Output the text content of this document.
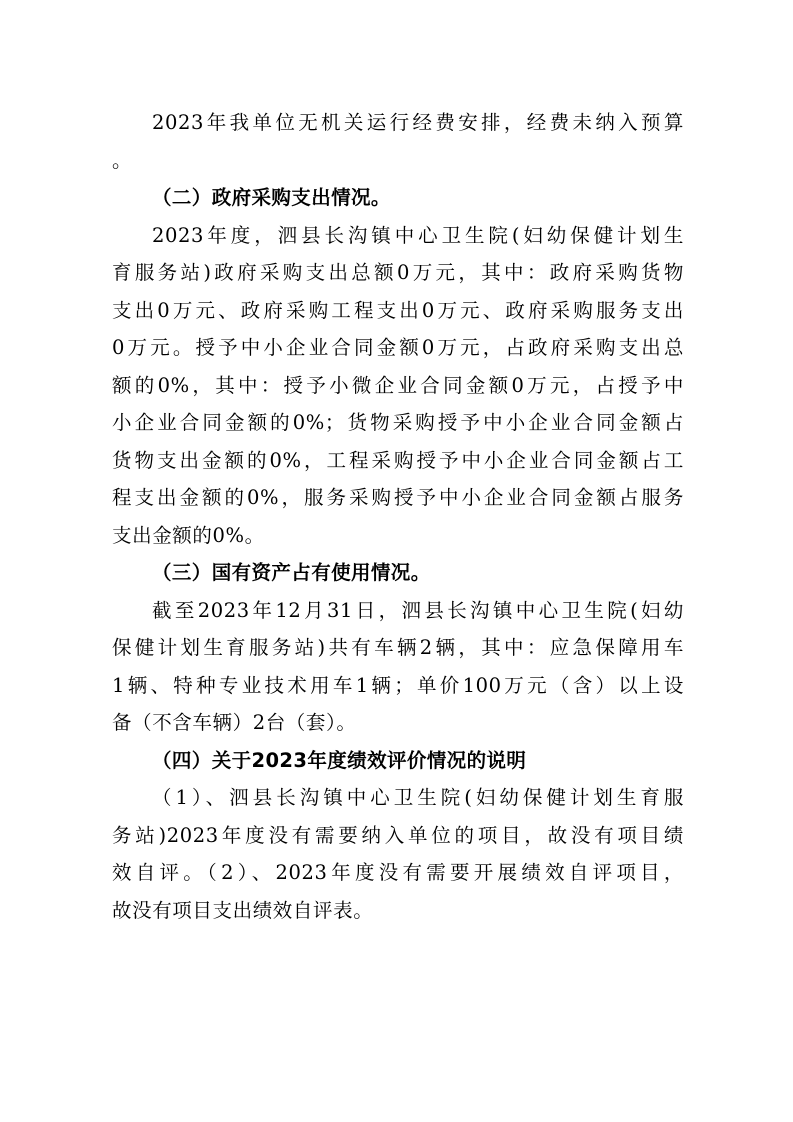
2023年我单位无机关运行经费安排，经费未纳入预算
。
（二）政府采购支出情况。
2023年度，泗县长沟镇中心卫生院(妇幼保健计划生
育服务站)政府采购支出总额0万元，其中：政府采购货物
支出0万元、政府采购工程支出0万元、政府采购服务支出
0万元。授予中小企业合同金额0万元，占政府采购支出总
额的0%，其中：授予小微企业合同金额0万元，占授予中
小企业合同金额的0%；货物采购授予中小企业合同金额占
货物支出金额的0%，工程采购授予中小企业合同金额占工
程支出金额的0%，服务采购授予中小企业合同金额占服务
支出金额的0%。
（三）国有资产占有使用情况。
截至2023年12月31日，泗县长沟镇中心卫生院(妇幼
保健计划生育服务站)共有车辆2辆，其中：应急保障用车
1辆、特种专业技术用车1辆；单价100万元（含）以上设
备（不含车辆）2台（套）。
（四）关于2023年度绩效评价情况的说明
（1）、泗县长沟镇中心卫生院(妇幼保健计划生育服
务站)2023年度没有需要纳入单位的项目，故没有项目绩
效自评。（2）、2023年度没有需要开展绩效自评项目，
故没有项目支出绩效自评表。
